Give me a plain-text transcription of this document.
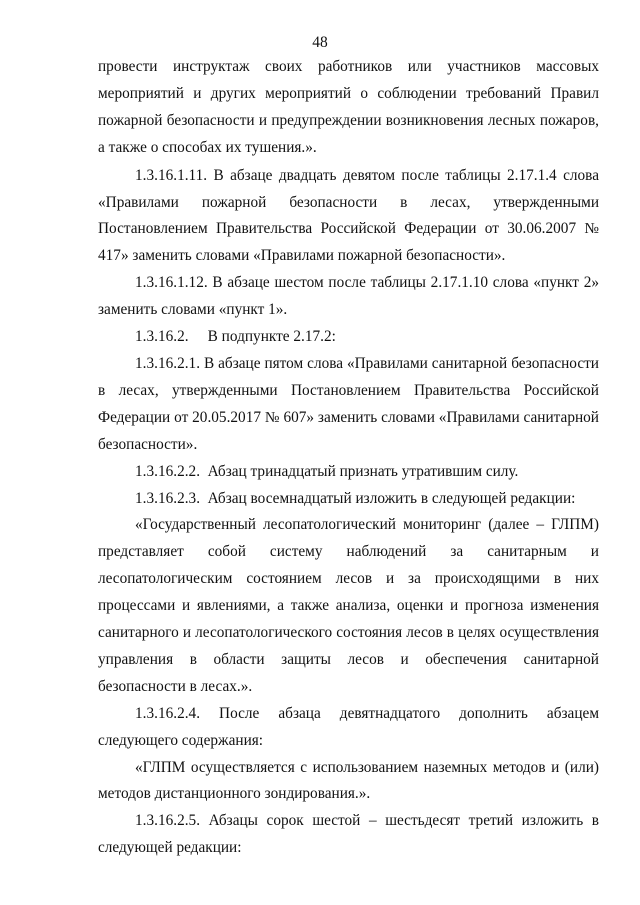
48

провести инструктаж своих работников или участников массовых мероприятий и других мероприятий о соблюдении требований Правил пожарной безопасности и предупреждении возникновения лесных пожаров, а также о способах их тушения.».

1.3.16.1.11. В абзаце двадцать девятом после таблицы 2.17.1.4 слова «Правилами пожарной безопасности в лесах, утвержденными Постановлением Правительства Российской Федерации от 30.06.2007 № 417» заменить словами «Правилами пожарной безопасности».

1.3.16.1.12. В абзаце шестом после таблицы 2.17.1.10 слова «пункт 2» заменить словами «пункт 1».

1.3.16.2.     В подпункте 2.17.2:

1.3.16.2.1. В абзаце пятом слова «Правилами санитарной безопасности в лесах, утвержденными Постановлением Правительства Российской Федерации от 20.05.2017 № 607» заменить словами «Правилами санитарной безопасности».

1.3.16.2.2.  Абзац тринадцатый признать утратившим силу.

1.3.16.2.3.  Абзац восемнадцатый изложить в следующей редакции:

«Государственный лесопатологический мониторинг (далее – ГЛПМ) представляет собой систему наблюдений за санитарным и лесопатологическим состоянием лесов и за происходящими в них процессами и явлениями, а также анализа, оценки и прогноза изменения санитарного и лесопатологического состояния лесов в целях осуществления управления в области защиты лесов и обеспечения санитарной безопасности в лесах.».

1.3.16.2.4. После абзаца девятнадцатого дополнить абзацем следующего содержания:

«ГЛПМ осуществляется с использованием наземных методов и (или) методов дистанционного зондирования.».

1.3.16.2.5. Абзацы сорок шестой – шестьдесят третий изложить в следующей редакции:
